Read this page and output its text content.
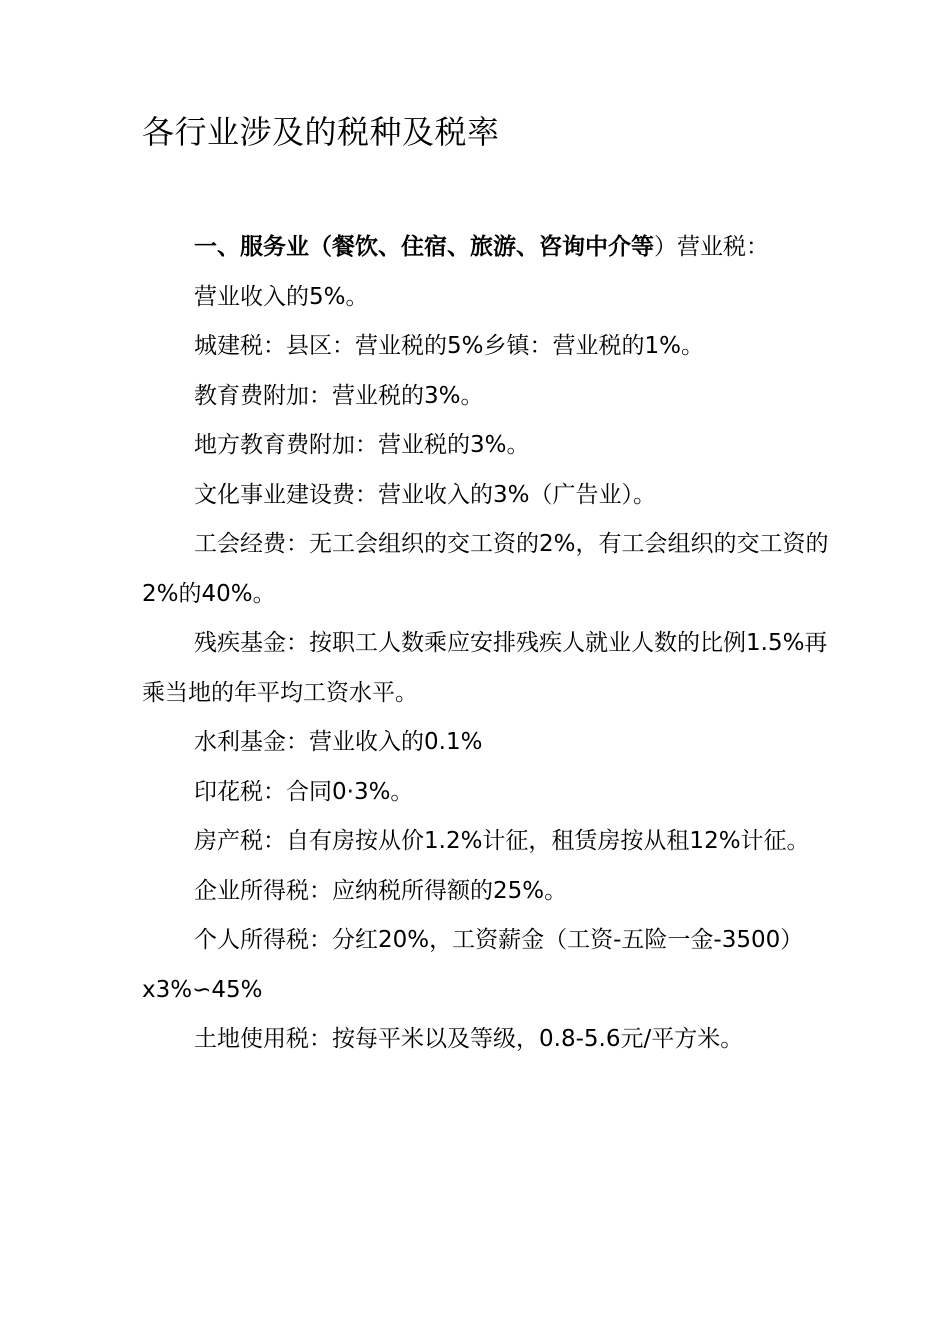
各行业涉及的税种及税率

一、服务业（餐饮、住宿、旅游、咨询中介等）营业税：

营业收入的5%。

城建税：县区：营业税的5%乡镇：营业税的1%。

教育费附加：营业税的3%。

地方教育费附加：营业税的3%。

文化事业建设费：营业收入的3%（广告业）。

工会经费：无工会组织的交工资的2%，有工会组织的交工资的2%的40%。

残疾基金：按职工人数乘应安排残疾人就业人数的比例1.5%再乘当地的年平均工资水平。

水利基金：营业收入的0.1%

印花税：合同0·3%。

房产税：自有房按从价1.2%计征，租赁房按从租12%计征。

企业所得税：应纳税所得额的25%。

个人所得税：分红20%，工资薪金（工资-五险一金-3500）x3%∽45%

土地使用税：按每平米以及等级，0.8-5.6元/平方米。
